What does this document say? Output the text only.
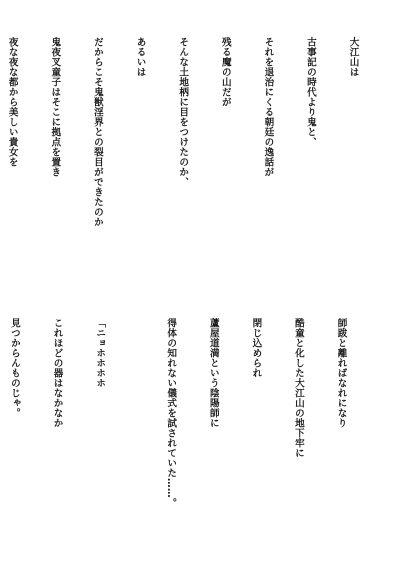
大江山は

古事記の時代より鬼と、

それを退治にくる朝廷の逸話が

残る魔の山だが

そんな土地柄に目をつけたのか、

あるいは

だからこそ鬼獣淫界との裂目ができたのか

鬼夜叉童子はそこに拠点を置き

夜な夜な都から美しい貴女を

師跋と離ればなれになり

酷童と化した大江山の地下牢に

閉じ込められ

蘆屋道満という陰陽師に

得体の知れない儀式を試されていた……。

「ニョホホホホ

これほどの器はなかなか

見つからんものじゃ。
